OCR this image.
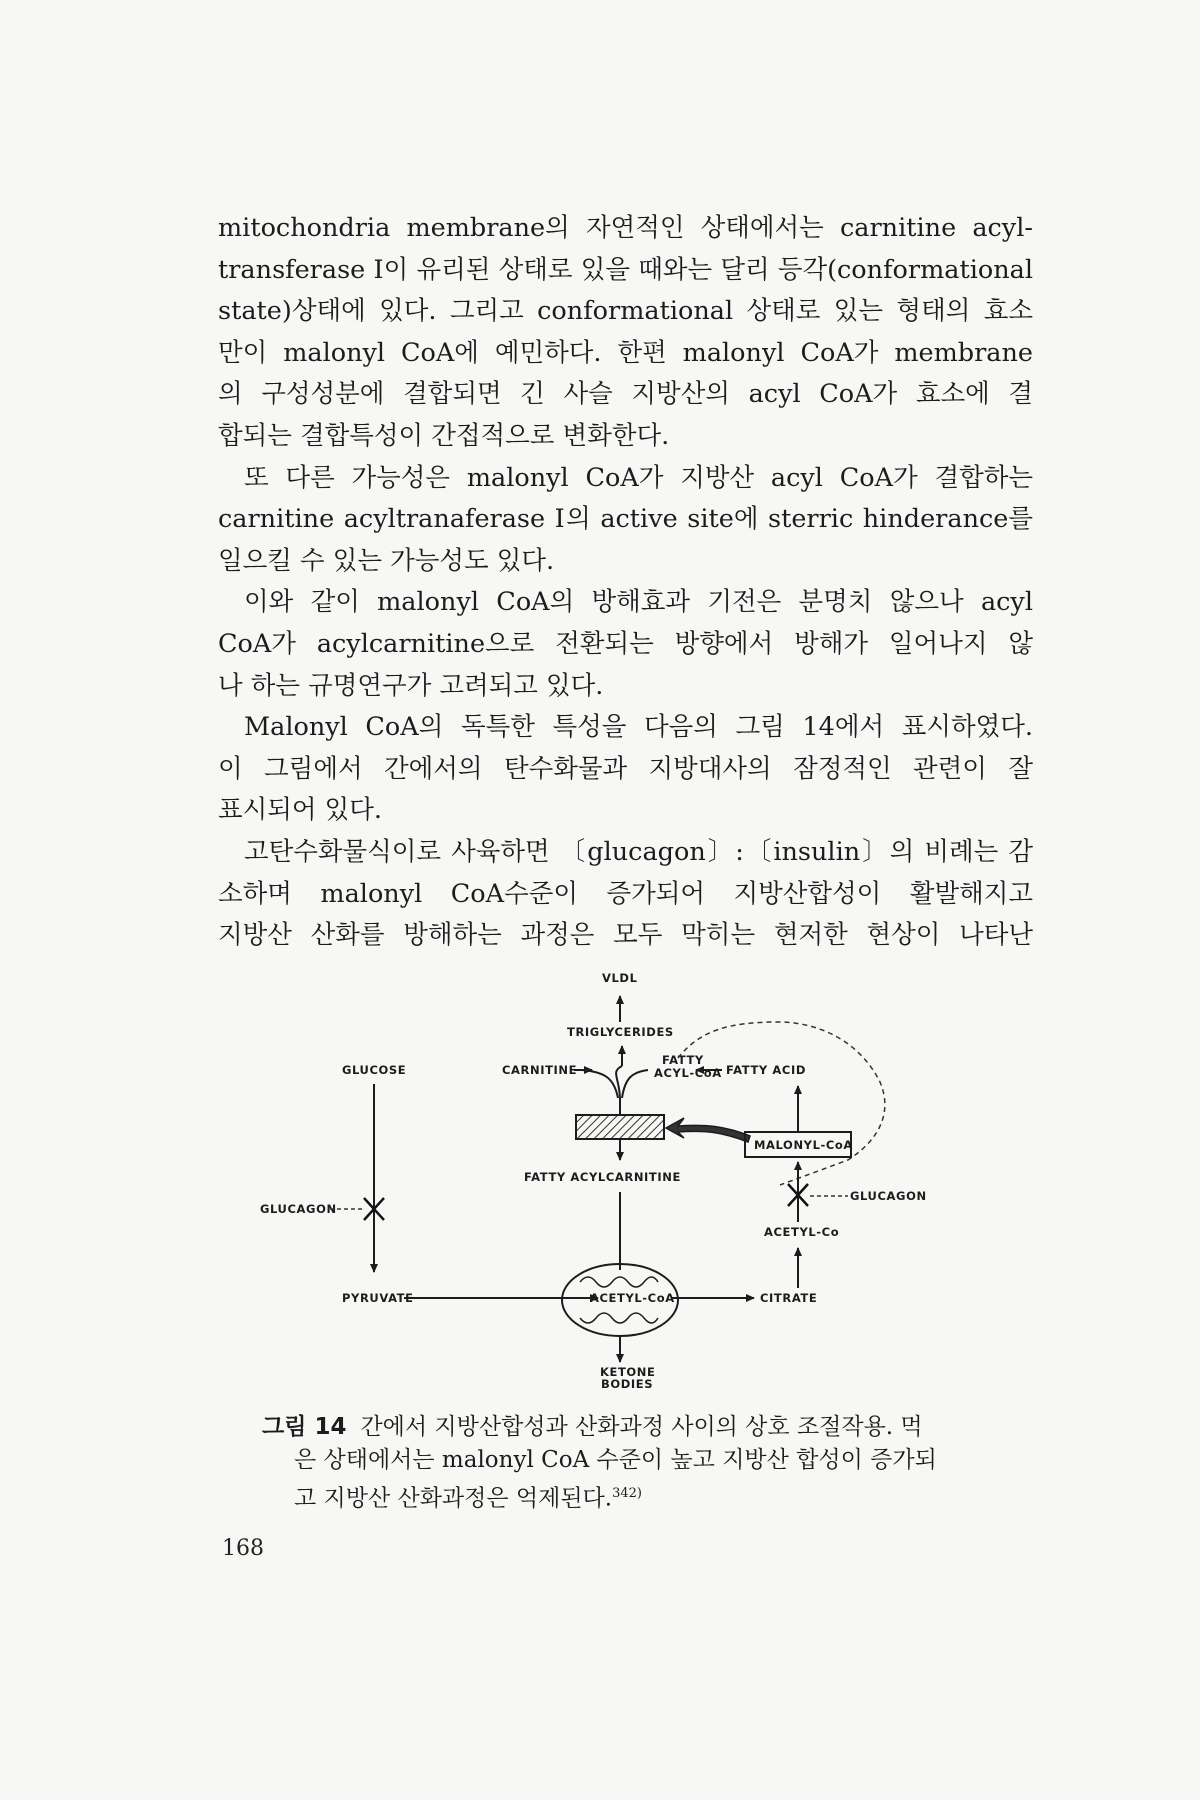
mitochondria membrane의 자연적인 상태에서는 carnitine acyl-
transferase Ⅰ이 유리된 상태로 있을 때와는 달리 등각(conformational
state)상태에 있다. 그리고 conformational 상태로 있는 형태의 효소
만이 malonyl CoA에 예민하다. 한편 malonyl CoA가 membrane
의 구성성분에 결합되면 긴 사슬 지방산의 acyl CoA가 효소에 결
합되는 결합특성이 간접적으로 변화한다.
또 다른 가능성은 malonyl CoA가 지방산 acyl CoA가 결합하는
carnitine acyltranaferase Ⅰ의 active site에 sterric hinderance를
일으킬 수 있는 가능성도 있다.
이와 같이 malonyl CoA의 방해효과 기전은 분명치 않으나 acyl
CoA가 acylcarnitine으로 전환되는 방향에서 방해가 일어나지 않
나 하는 규명연구가 고려되고 있다.
Malonyl CoA의 독특한 특성을 다음의 그림 14에서 표시하였다.
이 그림에서 간에서의 탄수화물과 지방대사의 잠정적인 관련이 잘
표시되어 있다.
고탄수화물식이로 사육하면 〔glucagon〕:〔insulin〕의 비례는 감
소하며 malonyl CoA수준이 증가되어 지방산합성이 활발해지고
지방산 산화를 방해하는 과정은 모두 막히는 현저한 현상이 나타난
VLDL
TRIGLYCERIDES
CARNITINE
FATTY
ACYL-CoA FATTY ACID
GLUCOSE
GLUCAGON
FATTY ACYLCARNITINE
MALONYL-CoA
GLUCAGON
ACETYL-Co
PYRUVATE	CITRATE
ACETYL-CoA
KETONE
BODIES
그림 14 간에서 지방산합성과 산화과정 사이의 상호 조절작용. 먹
은 상태에서는 malonyl CoA 수준이 높고 지방산 합성이 증가되
고 지방산 산화과정은 억제된다.$^{342)}$
168
